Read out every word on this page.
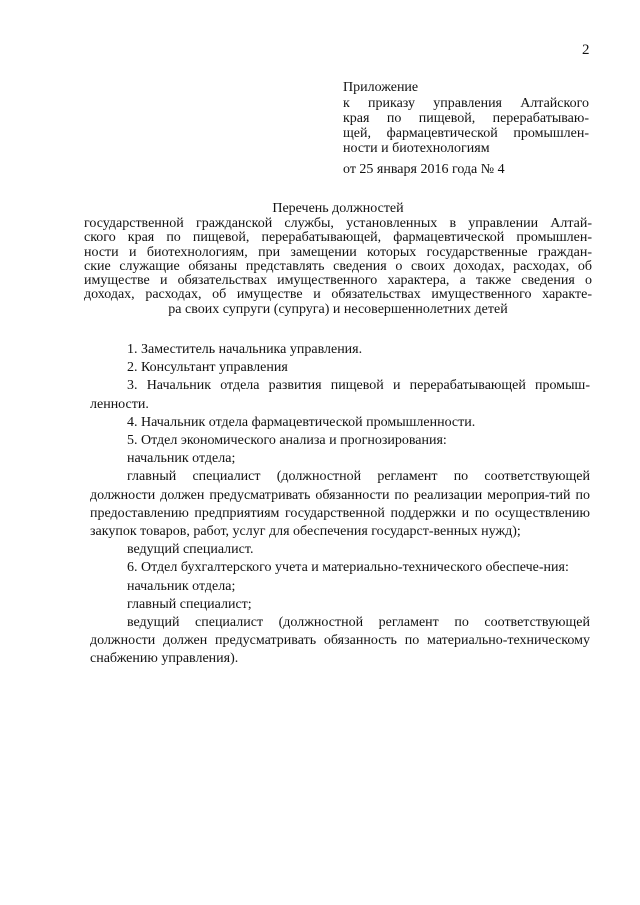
2
Приложение
к приказу управления Алтайского
края по пищевой, перерабатываю-
щей, фармацевтической промышлен-
ности и биотехнологиям
от 25 января 2016 года № 4
Перечень должностей
государственной гражданской службы, установленных в управлении Алтай-
ского края по пищевой, перерабатывающей, фармацевтической промышлен-
ности и биотехнологиям, при замещении которых государственные граждан-
ские служащие обязаны представлять сведения о своих доходах, расходах, об
имуществе и обязательствах имущественного характера, а также сведения о
доходах, расходах, об имуществе и обязательствах имущественного характе-
ра своих супруги (супруга) и несовершеннолетних детей

1. Заместитель начальника управления.

2. Консультант управления

3. Начальник отдела развития пищевой и перерабатывающей промыш-ленности.

4. Начальник отдела фармацевтической промышленности.

5. Отдел экономического анализа и прогнозирования:

начальник отдела;

главный специалист (должностной регламент по соответствующей должности должен предусматривать обязанности по реализации мероприя-тий по предоставлению предприятиям государственной поддержки и по осуществлению закупок товаров, работ, услуг для обеспечения государст-венных нужд);

ведущий специалист.

6. Отдел бухгалтерского учета и материально-технического обеспече-ния:

начальник отдела;

главный специалист;

ведущий специалист (должностной регламент по соответствующей должности должен предусматривать обязанность по материально-техническому снабжению управления).
